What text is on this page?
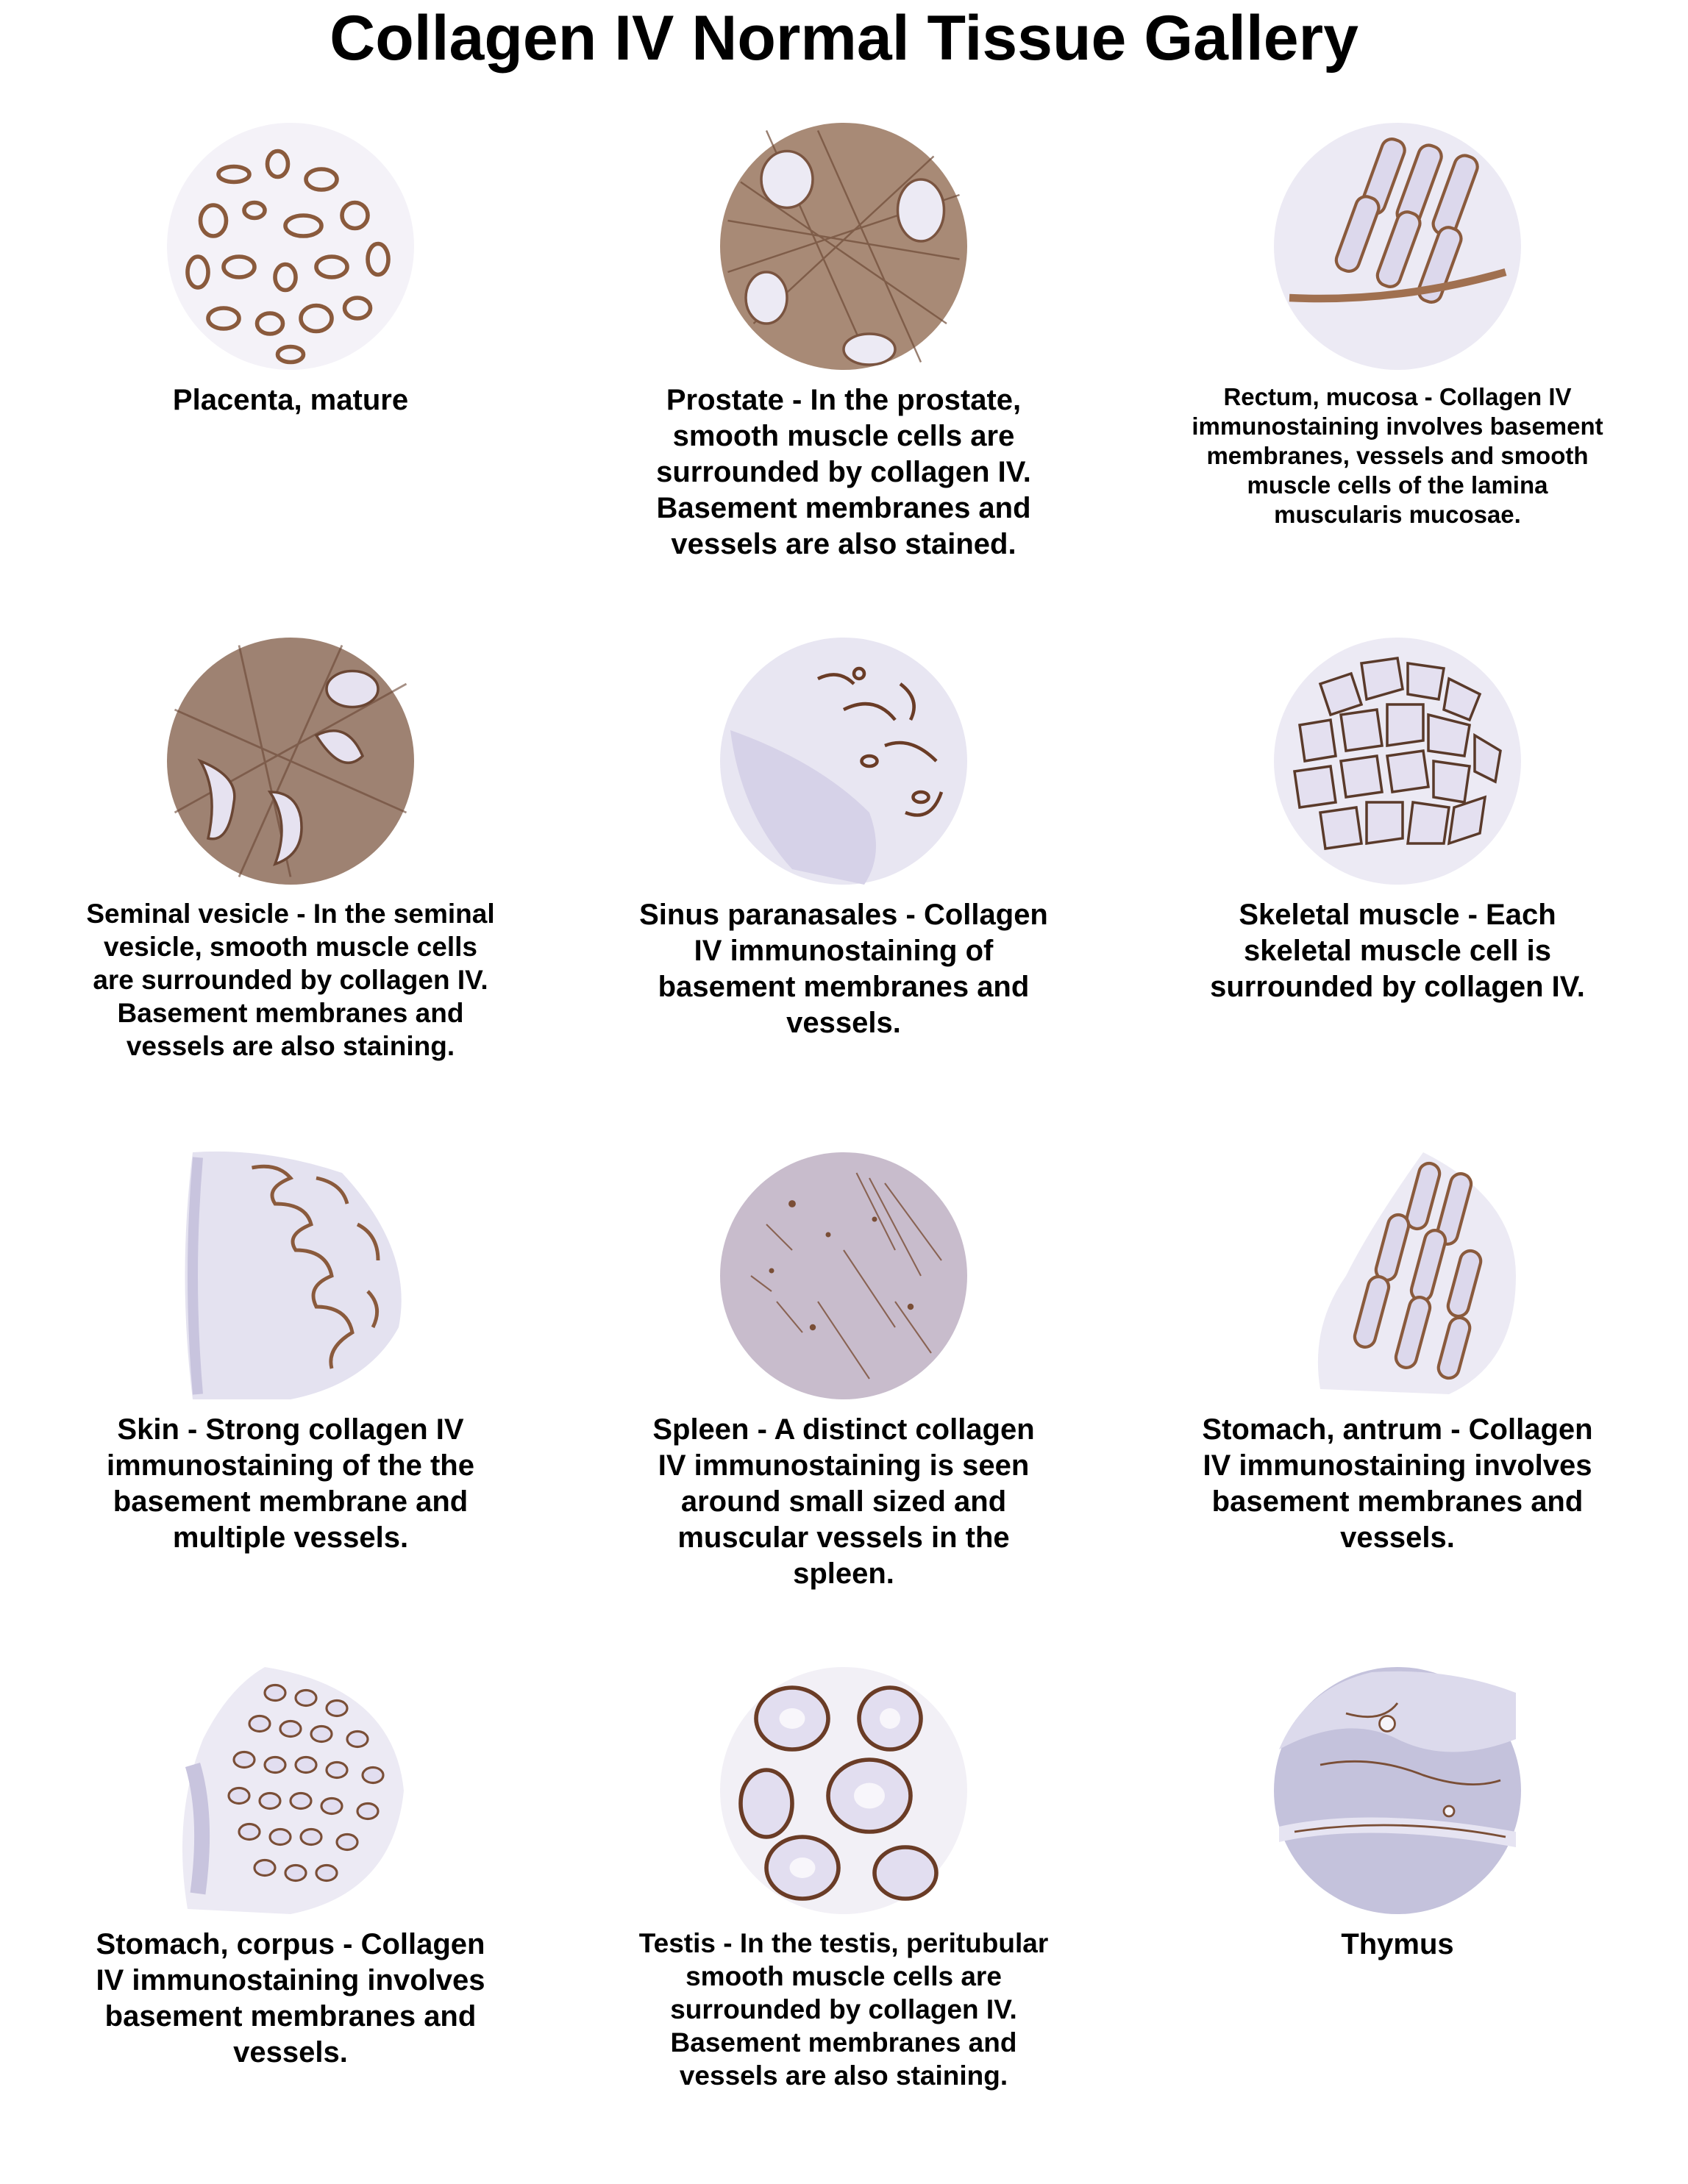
Collagen IV Normal Tissue Gallery
Placenta, mature	Prostate - In the prostate, smooth muscle cells are surrounded by collagen IV. Basement membranes and vessels are also stained.
Rectum, mucosa - Collagen IV immunostaining involves basement membranes, vessels and smooth muscle cells of the lamina muscularis mucosae.
Seminal vesicle - In the seminal vesicle, smooth muscle cells are surrounded by collagen IV. Basement membranes and vessels are also staining.
Sinus paranasales - Collagen IV immunostaining of basement membranes and vessels.
Skeletal muscle - Each skeletal muscle cell is surrounded by collagen IV.
Skin - Strong collagen IV immunostaining of the the basement membrane and multiple vessels.
Spleen - A distinct collagen IV immunostaining is seen around small sized and muscular vessels in the spleen.
Stomach, antrum - Collagen IV immunostaining involves basement membranes and vessels.
Stomach, corpus - Collagen IV immunostaining involves basement membranes and vessels.
Testis - In the testis, peritubular smooth muscle cells are surrounded by collagen IV. Basement membranes and vessels are also staining.
Thymus
